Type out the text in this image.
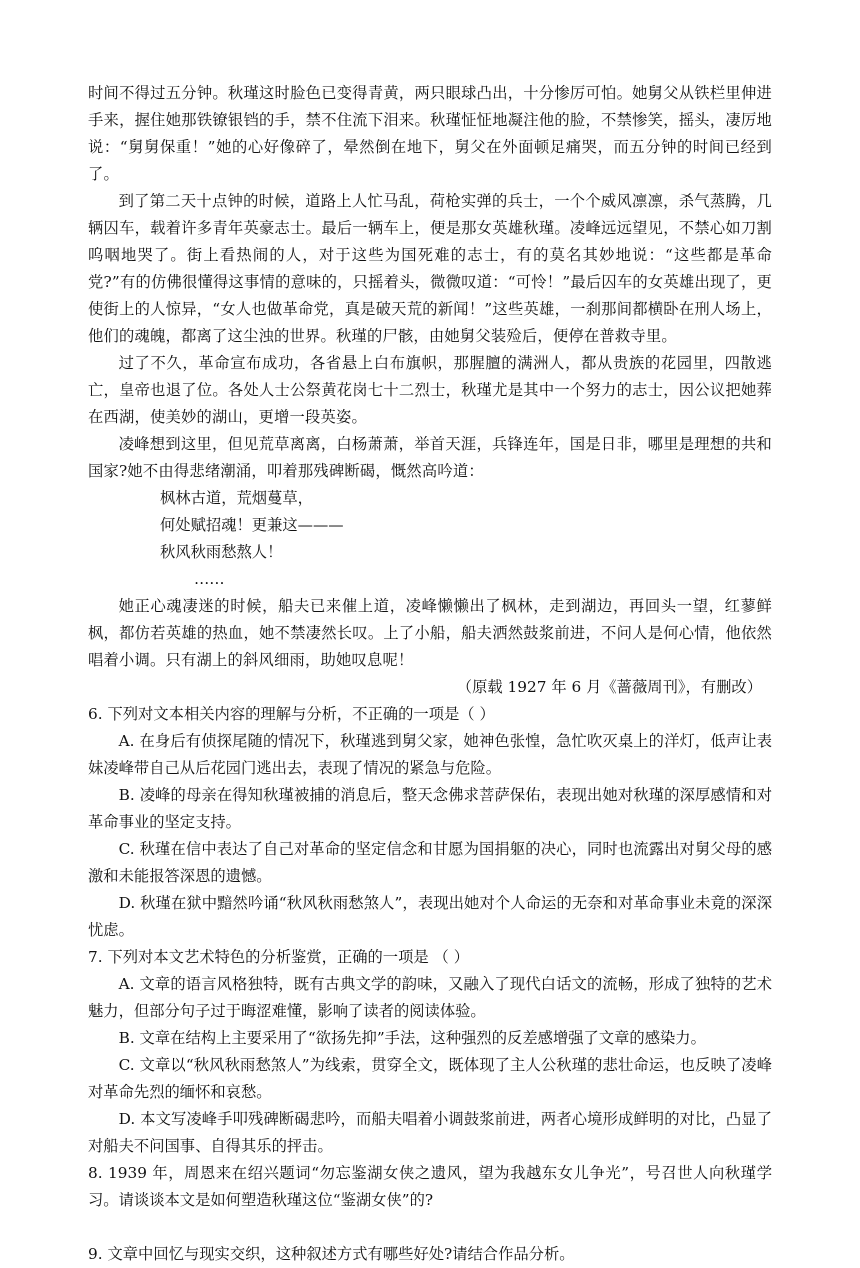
时间不得过五分钟。秋瑾这时脸色已变得青黄，两只眼球凸出，十分惨厉可怕。她舅父从铁栏里伸进手来，握住她那铁镣银铛的手，禁不住流下泪来。秋瑾怔怔地凝注他的脸，不禁惨笑，摇头，凄厉地说：“舅舅保重！”她的心好像碎了，晕然倒在地下，舅父在外面顿足痛哭，而五分钟的时间已经到了。

到了第二天十点钟的时候，道路上人忙马乱，荷枪实弹的兵士，一个个威风凛凛，杀气蒸腾，几辆囚车，载着许多青年英豪志士。最后一辆车上，便是那女英雄秋瑾。凌峰远远望见，不禁心如刀割呜咽地哭了。街上看热闹的人，对于这些为国死难的志士，有的莫名其妙地说：“这些都是革命党?”有的仿佛很懂得这事情的意味的，只摇着头，微微叹道：“可怜！”最后囚车的女英雄出现了，更使街上的人惊异，“女人也做革命党，真是破天荒的新闻！”这些英雄，一刹那间都横卧在刑人场上，他们的魂魄，都离了这尘浊的世界。秋瑾的尸骸，由她舅父装殓后，便停在普救寺里。

过了不久，革命宣布成功，各省悬上白布旗帜，那腥膻的满洲人，都从贵族的花园里，四散逃亡，皇帝也退了位。各处人士公祭黄花岗七十二烈士，秋瑾尤是其中一个努力的志士，因公议把她葬在西湖，使美妙的湖山，更增一段英姿。

凌峰想到这里，但见荒草离离，白杨萧萧，举首天涯，兵锋连年，国是日非，哪里是理想的共和国家?她不由得悲绪潮涌，叩着那残碑断碣，慨然高吟道：

枫林古道，荒烟蔓草，

何处赋招魂！更兼这———

秋风秋雨愁熬人！

……

她正心魂凄迷的时候，船夫已来催上道，凌峰懒懒出了枫林，走到湖边，再回头一望，红蓼鲜枫，都仿若英雄的热血，她不禁凄然长叹。上了小船，船夫洒然鼓浆前进，不问人是何心情，他依然唱着小调。只有湖上的斜风细雨，助她叹息呢！

（原载 1927 年 6 月《蔷薇周刊》，有删改）

6. 下列对文本相关内容的理解与分析，不正确的一项是（ ）

A. 在身后有侦探尾随的情况下，秋瑾逃到舅父家，她神色张惶，急忙吹灭桌上的洋灯，低声让表妹凌峰带自己从后花园门逃出去，表现了情况的紧急与危险。

B. 凌峰的母亲在得知秋瑾被捕的消息后，整天念佛求菩萨保佑，表现出她对秋瑾的深厚感情和对革命事业的坚定支持。

C. 秋瑾在信中表达了自己对革命的坚定信念和甘愿为国捐躯的决心，同时也流露出对舅父母的感激和未能报答深恩的遗憾。

D. 秋瑾在狱中黯然吟诵“秋风秋雨愁煞人”，表现出她对个人命运的无奈和对革命事业未竟的深深忧虑。

7. 下列对本文艺术特色的分析鉴赏，正确的一项是 （ ）

A. 文章的语言风格独特，既有古典文学的韵味，又融入了现代白话文的流畅，形成了独特的艺术魅力，但部分句子过于晦涩难懂，影响了读者的阅读体验。

B. 文章在结构上主要采用了“欲扬先抑”手法，这种强烈的反差感增强了文章的感染力。

C. 文章以“秋风秋雨愁煞人”为线索，贯穿全文，既体现了主人公秋瑾的悲壮命运，也反映了凌峰对革命先烈的缅怀和哀愁。

D. 本文写凌峰手叩残碑断碣悲吟，而船夫唱着小调鼓浆前进，两者心境形成鲜明的对比，凸显了对船夫不问国事、自得其乐的抨击。

8. 1939 年，周恩来在绍兴题词“勿忘鉴湖女侠之遗风，望为我越东女儿争光”，号召世人向秋瑾学习。请谈谈本文是如何塑造秋瑾这位“鉴湖女侠”的?

9. 文章中回忆与现实交织，这种叙述方式有哪些好处?请结合作品分析。
